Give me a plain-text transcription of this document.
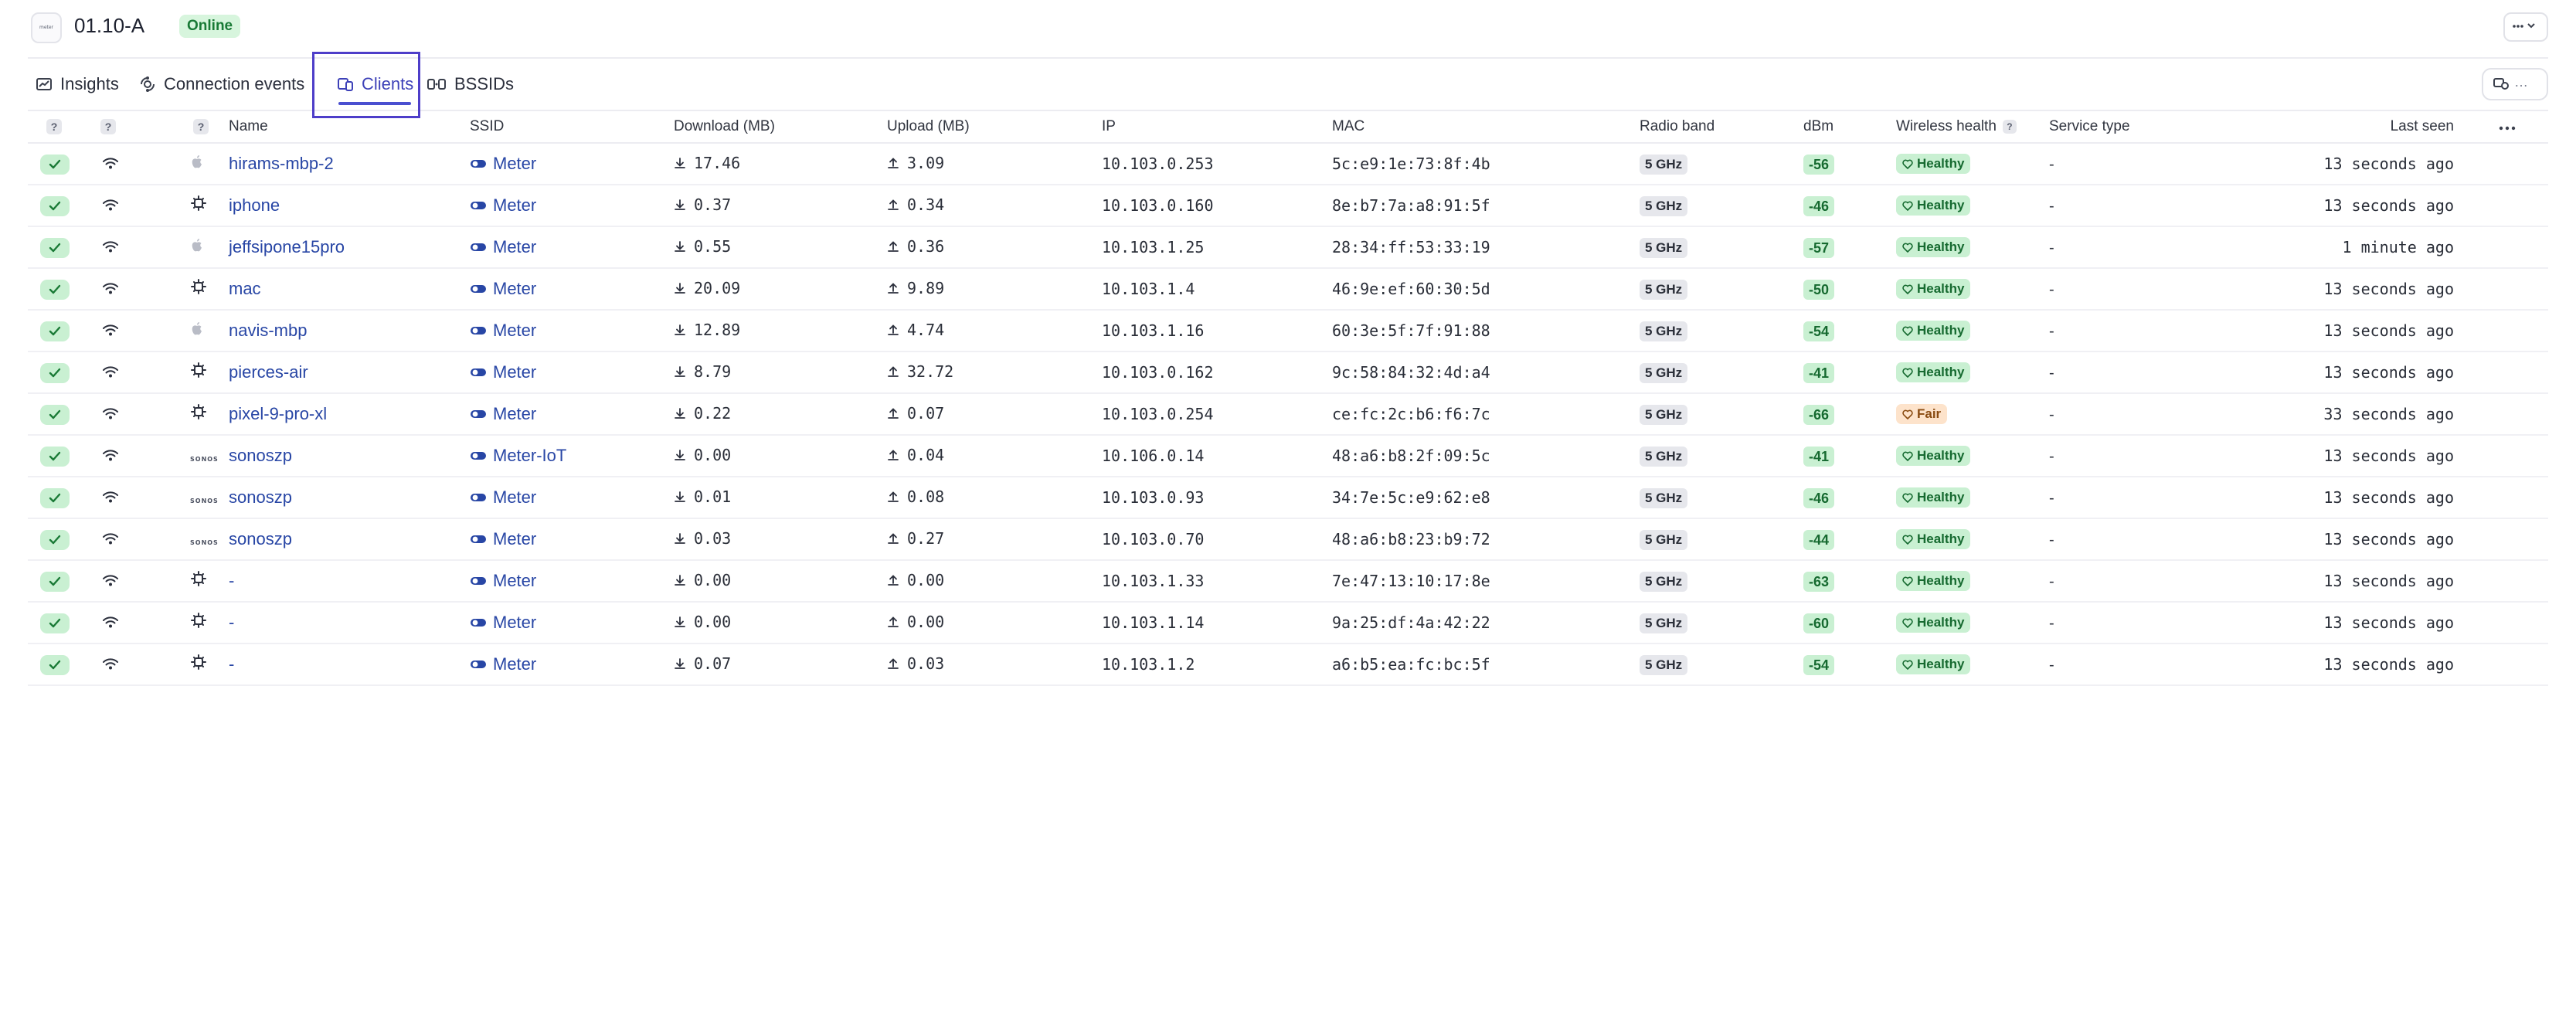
meter 01.10-A	Online
Insights	Connection events	Clients BSSIDs	…
?	?	?	Name	SSID	Download (MB)	Upload (MB)	IP	MAC	Radio band	dBm	Wireless health ?	Service type	Last seen	

			hirams-mbp-2	Meter	17.46	3.09	10.103.0.253	5c:e9:1e:73:8f:4b	5 GHz	-56	Healthy	-	13 seconds ago	

			iphone	Meter	0.37	0.34	10.103.0.160	8e:b7:7a:a8:91:5f	5 GHz	-46	Healthy	-	13 seconds ago	

			jeffsipone15pro	Meter	0.55	0.36	10.103.1.25	28:34:ff:53:33:19	5 GHz	-57	Healthy	-	1 minute ago	

			mac	Meter	20.09	9.89	10.103.1.4	46:9e:ef:60:30:5d	5 GHz	-50	Healthy	-	13 seconds ago	

			navis-mbp	Meter	12.89	4.74	10.103.1.16	60:3e:5f:7f:91:88	5 GHz	-54	Healthy	-	13 seconds ago	

			pierces-air	Meter	8.79	32.72	10.103.0.162	9c:58:84:32:4d:a4	5 GHz	-41	Healthy	-	13 seconds ago	

			pixel-9-pro-xl	Meter	0.22	0.07	10.103.0.254	ce:fc:2c:b6:f6:7c	5 GHz	-66	Fair	-	33 seconds ago	

		SONOS	sonoszp	Meter-IoT	0.00	0.04	10.106.0.14	48:a6:b8:2f:09:5c	5 GHz	-41	Healthy	-	13 seconds ago	

		SONOS	sonoszp	Meter	0.01	0.08	10.103.0.93	34:7e:5c:e9:62:e8	5 GHz	-46	Healthy	-	13 seconds ago	

		SONOS	sonoszp	Meter	0.03	0.27	10.103.0.70	48:a6:b8:23:b9:72	5 GHz	-44	Healthy	-	13 seconds ago	

			-	Meter	0.00	0.00	10.103.1.33	7e:47:13:10:17:8e	5 GHz	-63	Healthy	-	13 seconds ago	

			-	Meter	0.00	0.00	10.103.1.14	9a:25:df:4a:42:22	5 GHz	-60	Healthy	-	13 seconds ago	

			-	Meter	0.07	0.03	10.103.1.2	a6:b5:ea:fc:bc:5f	5 GHz	-54	Healthy	-	13 seconds ago	
